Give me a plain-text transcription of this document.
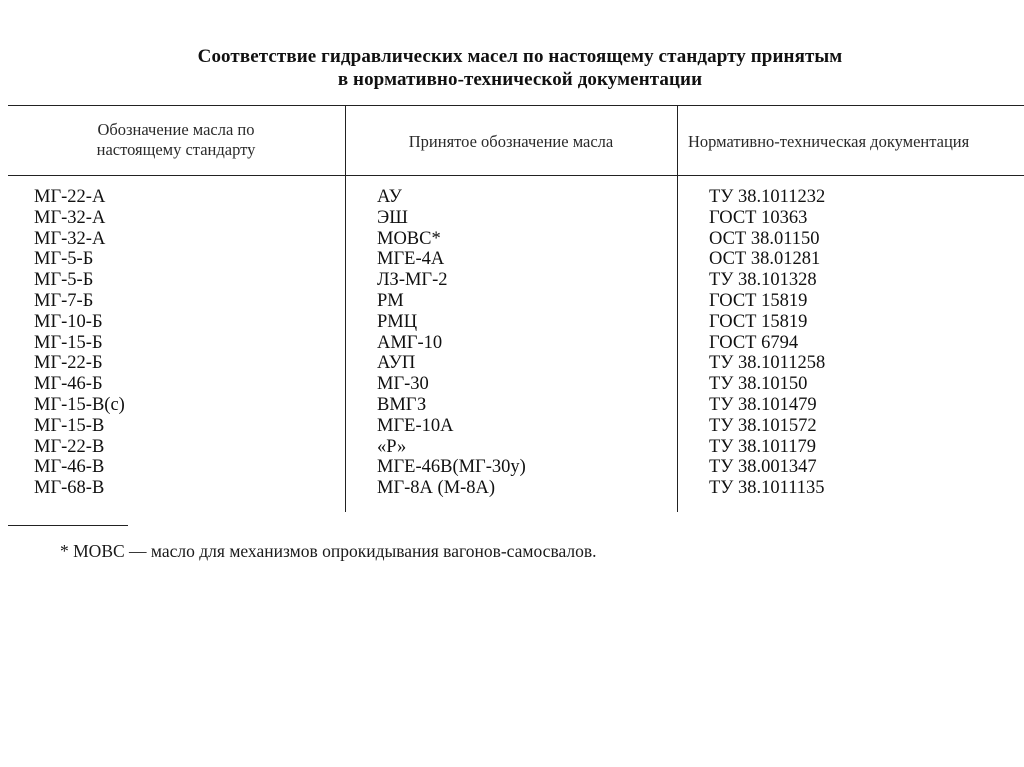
Соответствие гидравлических масел по настоящему стандарту принятым
в нормативно-технической документации
Обозначение масла по
настоящему стандарту	Принятое обозначение масла	Нормативно-техническая документация
МГ-22-А
МГ-32-А
МГ-32-А
МГ-5-Б
МГ-5-Б
МГ-7-Б
МГ-10-Б
МГ-15-Б
МГ-22-Б
МГ-46-Б
МГ-15-В(с)
МГ-15-В
МГ-22-В
МГ-46-В
МГ-68-В
АУ
ЭШ
МОВС*
МГЕ-4А
ЛЗ-МГ-2
РМ
РМЦ
АМГ-10
АУП
МГ-30
ВМГЗ
МГЕ-10А
«Р»
МГЕ-46В(МГ-30у)
МГ-8А (М-8А)
ТУ 38.1011232
ГОСТ 10363
ОСТ 38.01150
ОСТ 38.01281
ТУ 38.101328
ГОСТ 15819
ГОСТ 15819
ГОСТ 6794
ТУ 38.1011258
ТУ 38.10150
ТУ 38.101479
ТУ 38.101572
ТУ 38.101179
ТУ 38.001347
ТУ 38.1011135
* МОВС — масло для механизмов опрокидывания вагонов-самосвалов.
